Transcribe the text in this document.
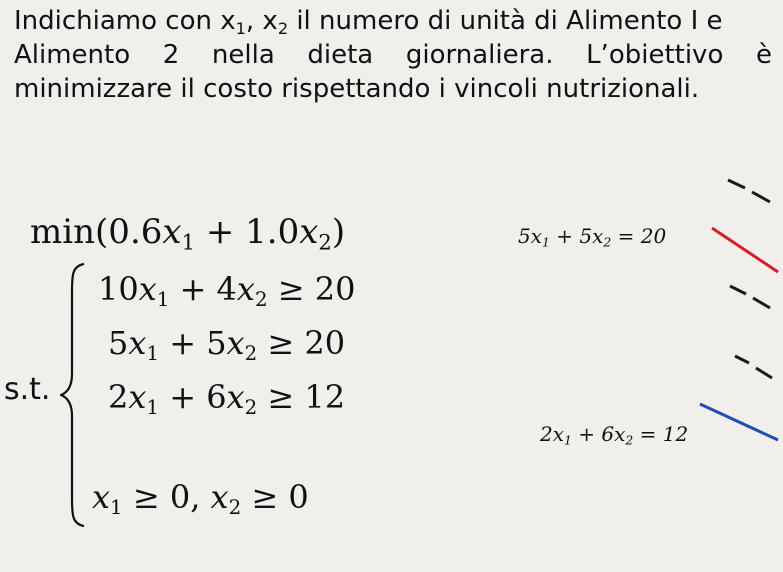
Indichiamo con $x_1$, $x_2$ il numero di unità di Alimento I e
Alimento 2 nella dieta giornaliera. L’obiettivo è
minimizzare il costo rispettando i vincoli nutrizionali.
$\min(0.6x_1 + 1.0x_2)$
s.t.
$10x_1 + 4x_2 \ge 20$
$5x_1 + 5x_2 \ge 20$
$2x_1 + 6x_2 \ge 12$
$x_1 \ge 0$, $x_2 \ge 0$
$5x_1 + 5x_2 = 20$
$2x_1 + 6x_2 = 12$
